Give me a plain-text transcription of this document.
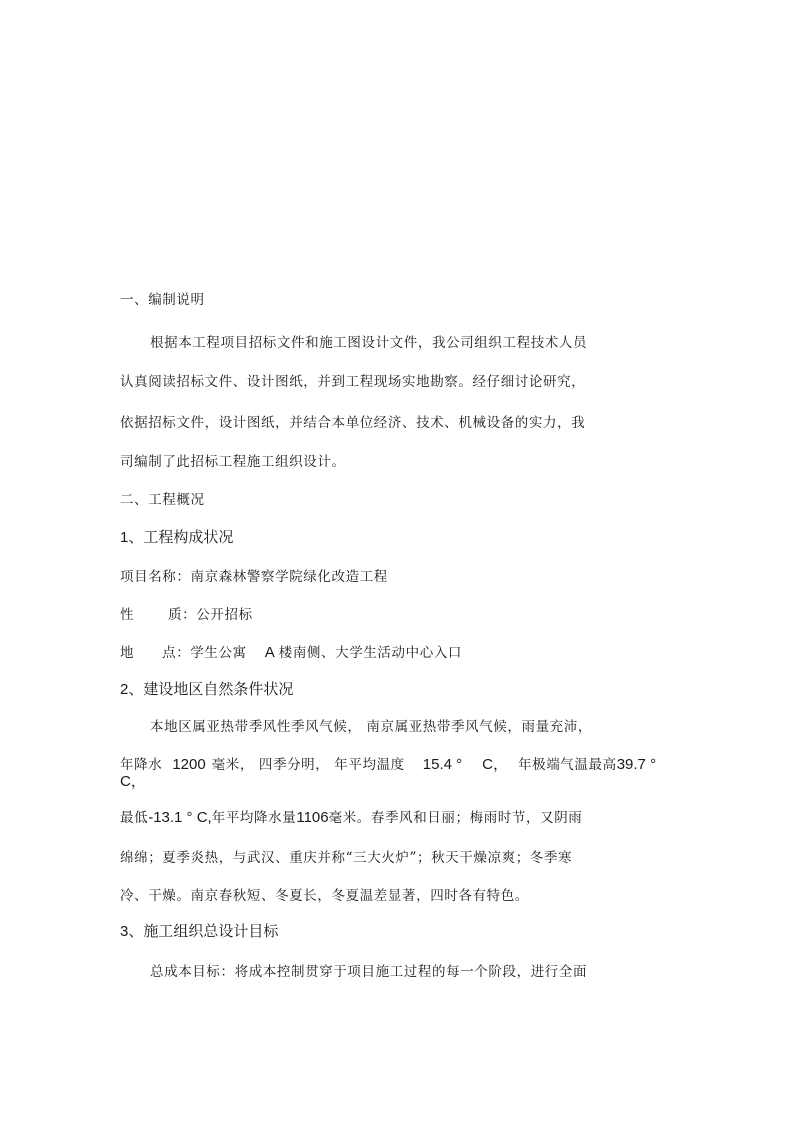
一、编制说明
根据本工程项目招标文件和施工图设计文件，我公司组织工程技术人员
认真阅读招标文件、设计图纸，并到工程现场实地勘察。经仔细讨论研究，
依据招标文件，设计图纸，并结合本单位经济、技术、机械设备的实力，我
司编制了此招标工程施工组织设计。
二、工程概况
1、工程构成状况
项目名称：南京森林警察学院绿化改造工程
性	质：公开招标
地 点：学生公寓 A 楼南侧、大学生活动中心入口
2、建设地区自然条件状况
本地区属亚热带季风性季风气候， 南京属亚热带季风气候，雨量充沛，
年降水 1200 毫米， 四季分明， 年平均温度 15.4 ° C， 年极端气温最高39.7 °
C，
最低-13.1 ° C,年平均降水量1106毫米。春季风和日丽；梅雨时节，又阴雨
绵绵；夏季炎热，与武汉、重庆并称“三大火炉”；秋天干燥凉爽；冬季寒
冷、干燥。南京春秋短、冬夏长，冬夏温差显著，四时各有特色。
3、施工组织总设计目标
总成本目标：将成本控制贯穿于项目施工过程的每一个阶段，进行全面
